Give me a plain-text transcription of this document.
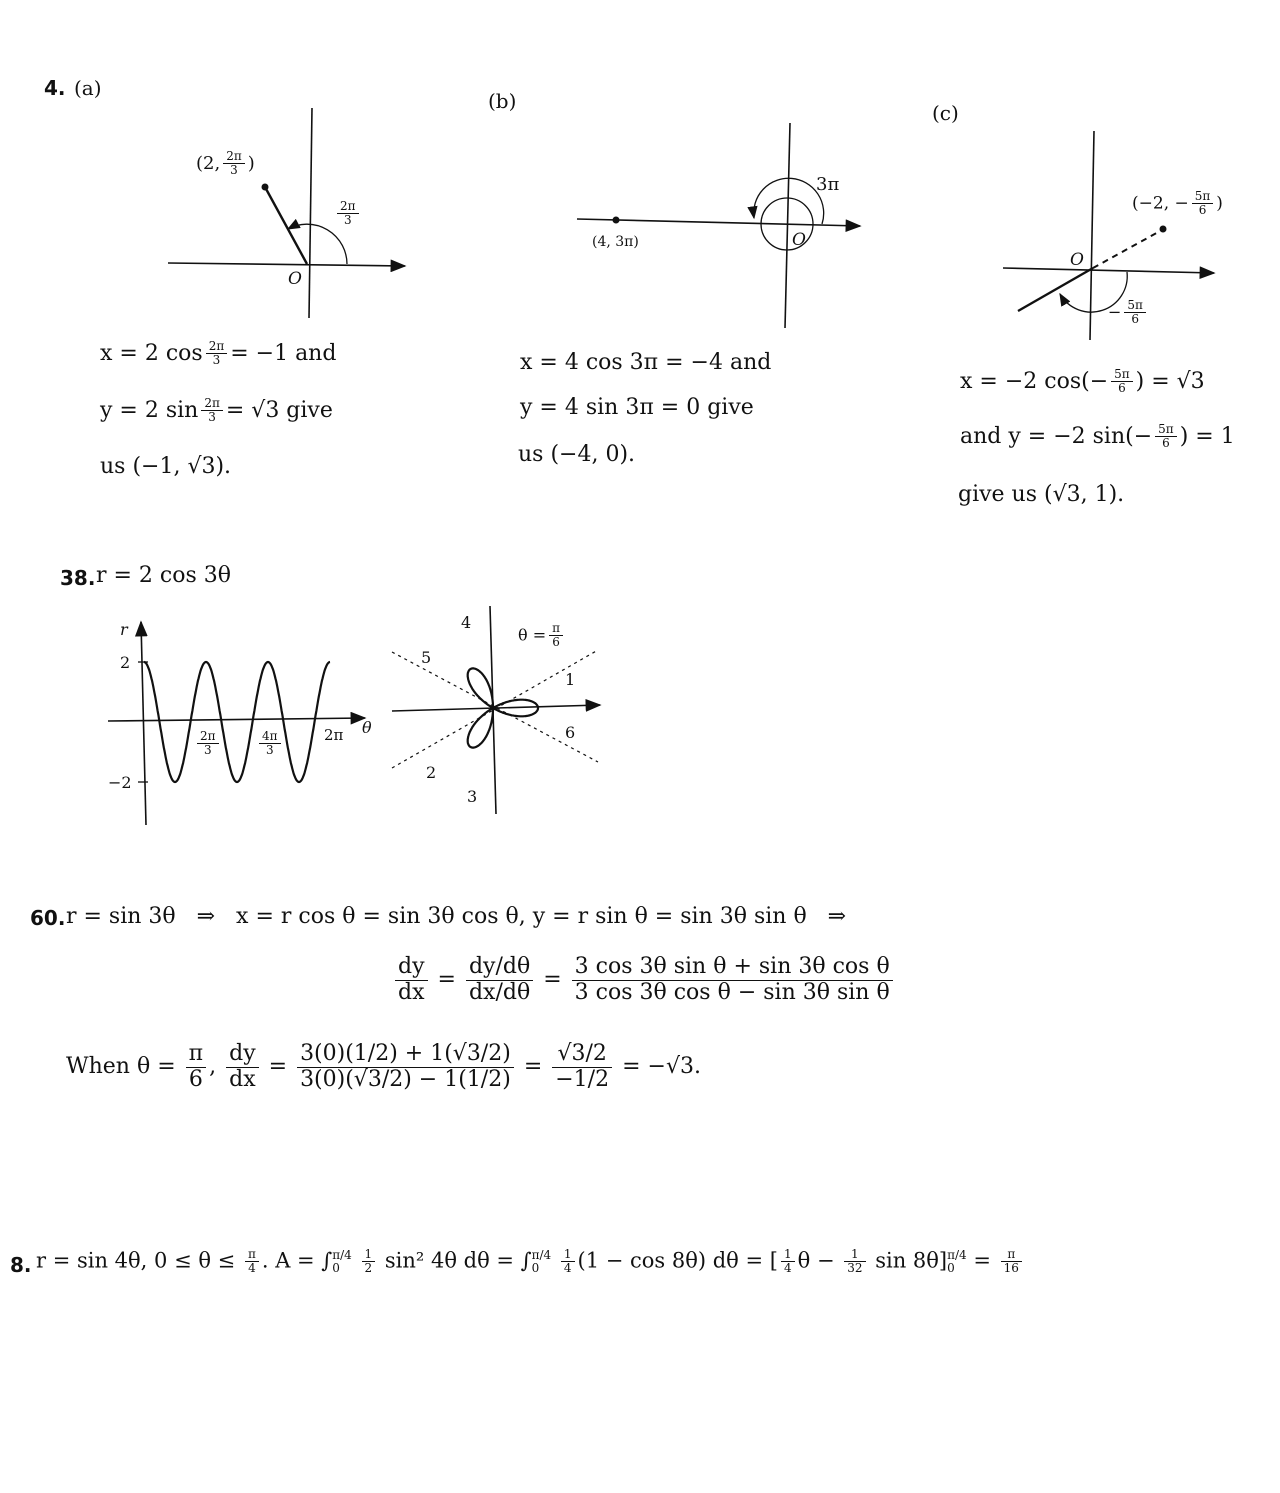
4. (a)
(b)	(c)
O
O
3π
(4, 3π)
O
(2, $\frac{2\pi}{3}$ )
$\frac{2\pi}{3}$	(−2, − $\frac{5\pi}{6}$ )
− $\frac{5\pi}{6}$
x = 2 $\cos \frac{2\pi}{3} = -1$ and
y = 2 $\sin \frac{2\pi}{3} = √3$ give
us (−1, √3).
x = 4 cos 3π = −4 and
y = 4 sin 3π = 0 give
us (−4, 0).
x = −2 $\cos(- \frac{5\pi}{6}$ ) = √3
and y = −2 $\sin(- \frac{5\pi}{6}$ ) = 1
give us (√3, 1).
38. r = 2 cos 3θ
r
θ
2
−2
2π
1
2
3
4
5
6
$\frac{2\pi}{3}$	$\frac{4\pi}{3}$
$\theta = \frac{\pi}{6}$
60. r = sin 3θ   ⇒   x = r cos θ = sin 3θ cos θ, y = r sin θ = sin 3θ sin θ   ⇒
$\frac{dy}{dx} = \frac{dy/d\theta}{dx/d\theta} = \frac{\text{3 cos 3θ sin θ + sin 3θ cos θ}}{\text{3 cos 3θ cos θ − sin 3θ sin θ}}$
When $\theta = \frac{\pi}{6}$ , $\frac{dy}{dx} = \frac{3(0)(1/2) + 1(√3/2)}{3(0)(√3/2) - 1(1/2)} = \frac{√3/2}{-1/2} = -√3$.
8. r = sin 4θ, $0 \le \theta \le \frac{\pi}{4}$ . A = ∫ π/4
0
	$\frac{1}{2} \sin^2$ 4θ dθ = ∫ π/4
0
	$\frac{1}{4} (1 - \cos 8\theta) d\theta$ = [ $\frac{1}{4}$ $\theta - \frac{1}{32}$ sin 8θ] π/4
$0 = \frac{\pi}{16}$
